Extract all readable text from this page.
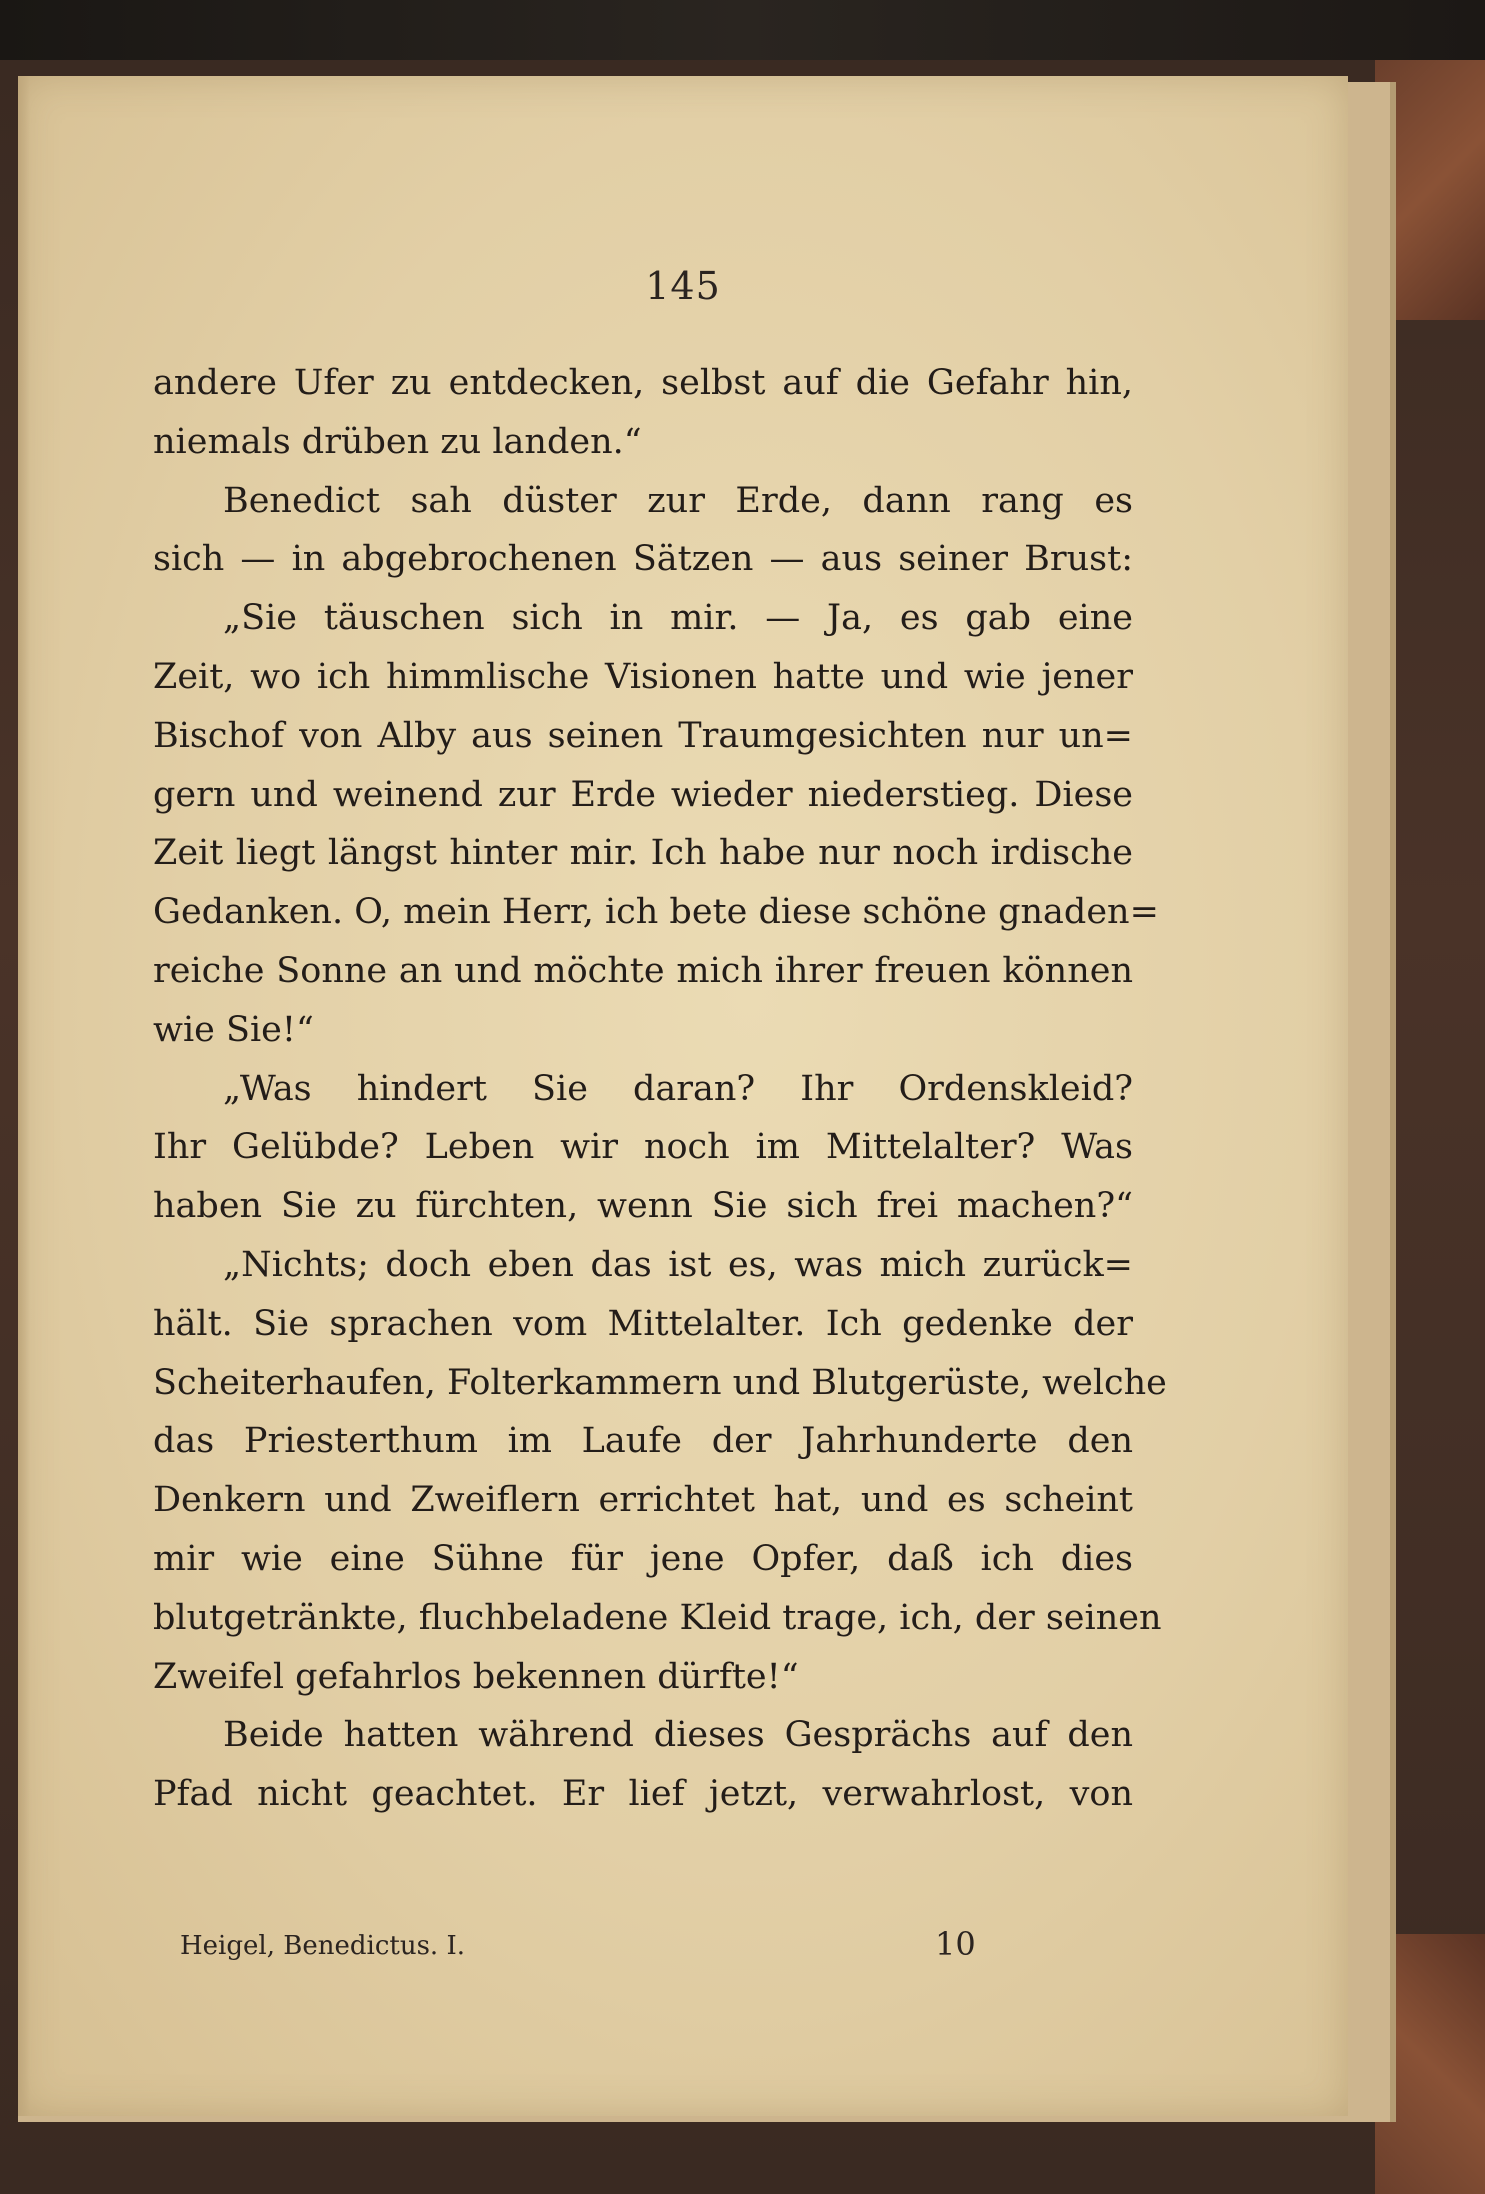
145
andere Ufer zu entdecken, selbst auf die Gefahr hin,
niemals drüben zu landen.“
Benedict sah düster zur Erde, dann rang es
sich — in abgebrochenen Sätzen — aus seiner Brust:
„Sie täuschen sich in mir. — Ja, es gab eine
Zeit, wo ich himmlische Visionen hatte und wie jener
Bischof von Alby aus seinen Traumgesichten nur un=
gern und weinend zur Erde wieder niederstieg. Diese
Zeit liegt längst hinter mir. Ich habe nur noch irdische
Gedanken. O, mein Herr, ich bete diese schöne gnaden=
reiche Sonne an und möchte mich ihrer freuen können
wie Sie!“
„Was hindert Sie daran? Ihr Ordenskleid?
Ihr Gelübde? Leben wir noch im Mittelalter? Was
haben Sie zu fürchten, wenn Sie sich frei machen?“
„Nichts; doch eben das ist es, was mich zurück=
hält. Sie sprachen vom Mittelalter. Ich gedenke der
Scheiterhaufen, Folterkammern und Blutgerüste, welche
das Priesterthum im Laufe der Jahrhunderte den
Denkern und Zweiflern errichtet hat, und es scheint
mir wie eine Sühne für jene Opfer, daß ich dies
blutgetränkte, fluchbeladene Kleid trage, ich, der seinen
Zweifel gefahrlos bekennen dürfte!“
Beide hatten während dieses Gesprächs auf den
Pfad nicht geachtet. Er lief jetzt, verwahrlost, von
Heigel, Benedictus. I.	10
